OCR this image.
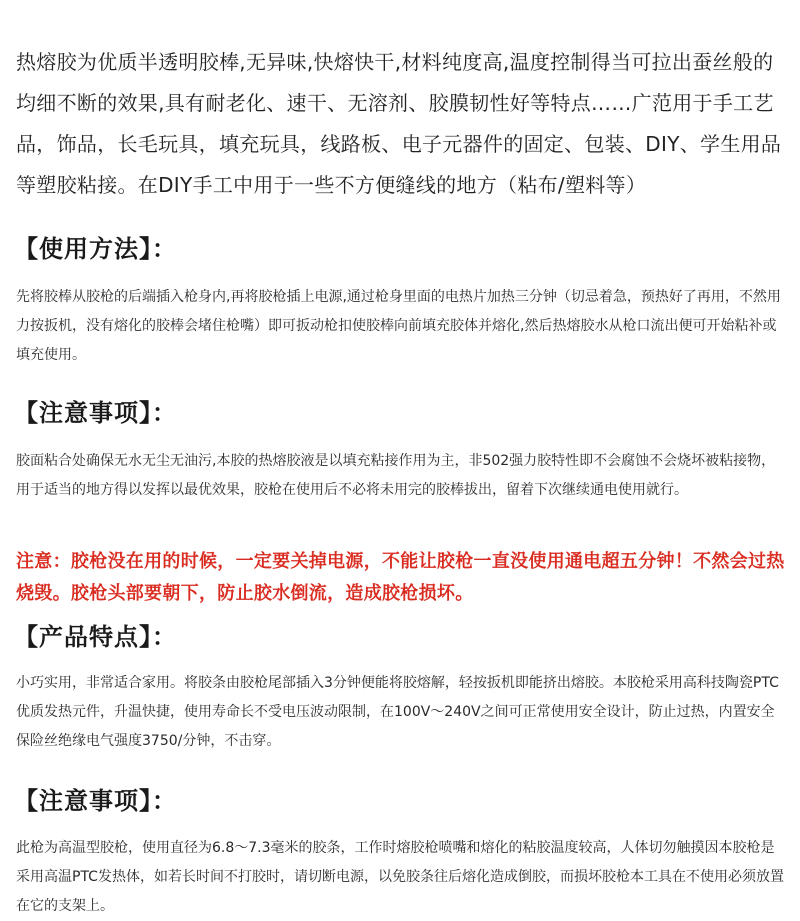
热熔胶为优质半透明胶棒,无异味,快熔快干,材料纯度高,温度控制得当可拉出蚕丝般的均细不断的效果,具有耐老化、速干、无溶剂、胶膜韧性好等特点……广范用于手工艺品，饰品，长毛玩具，填充玩具，线路板、电子元器件的固定、包装、DIY、学生用品等塑胶粘接。在DIY手工中用于一些不方便缝线的地方（粘布/塑料等）

【使用方法】：

先将胶棒从胶枪的后端插入枪身内,再将胶枪插上电源,通过枪身里面的电热片加热三分钟（切忌着急，预热好了再用，不然用力按扳机，没有熔化的胶棒会堵住枪嘴）即可扳动枪扣使胶棒向前填充胶体并熔化,然后热熔胶水从枪口流出便可开始粘补或填充使用。

【注意事项】：

胶面粘合处确保无水无尘无油污,本胶的热熔胶液是以填充粘接作用为主，非502强力胶特性即不会腐蚀不会烧坏被粘接物，用于适当的地方得以发挥以最优效果，胶枪在使用后不必将未用完的胶棒拔出，留着下次继续通电使用就行。

注意：胶枪没在用的时候，一定要关掉电源，不能让胶枪一直没使用通电超五分钟！不然会过热烧毁。胶枪头部要朝下，防止胶水倒流，造成胶枪损坏。

【产品特点】：

小巧实用，非常适合家用。将胶条由胶枪尾部插入3分钟便能将胶熔解，轻按扳机即能挤出熔胶。本胶枪采用高科技陶瓷PTC优质发热元件，升温快捷，使用寿命长不受电压波动限制，在100V～240V之间可正常使用安全设计，防止过热，内置安全保险丝绝缘电气强度3750/分钟，不击穿。

【注意事项】：

此枪为高温型胶枪，使用直径为6.8～7.3毫米的胶条，工作时熔胶枪喷嘴和熔化的粘胶温度较高，人体切勿触摸因本胶枪是采用高温PTC发热体，如若长时间不打胶时，请切断电源，以免胶条往后熔化造成倒胶，而损坏胶枪本工具在不使用必须放置在它的支架上。
